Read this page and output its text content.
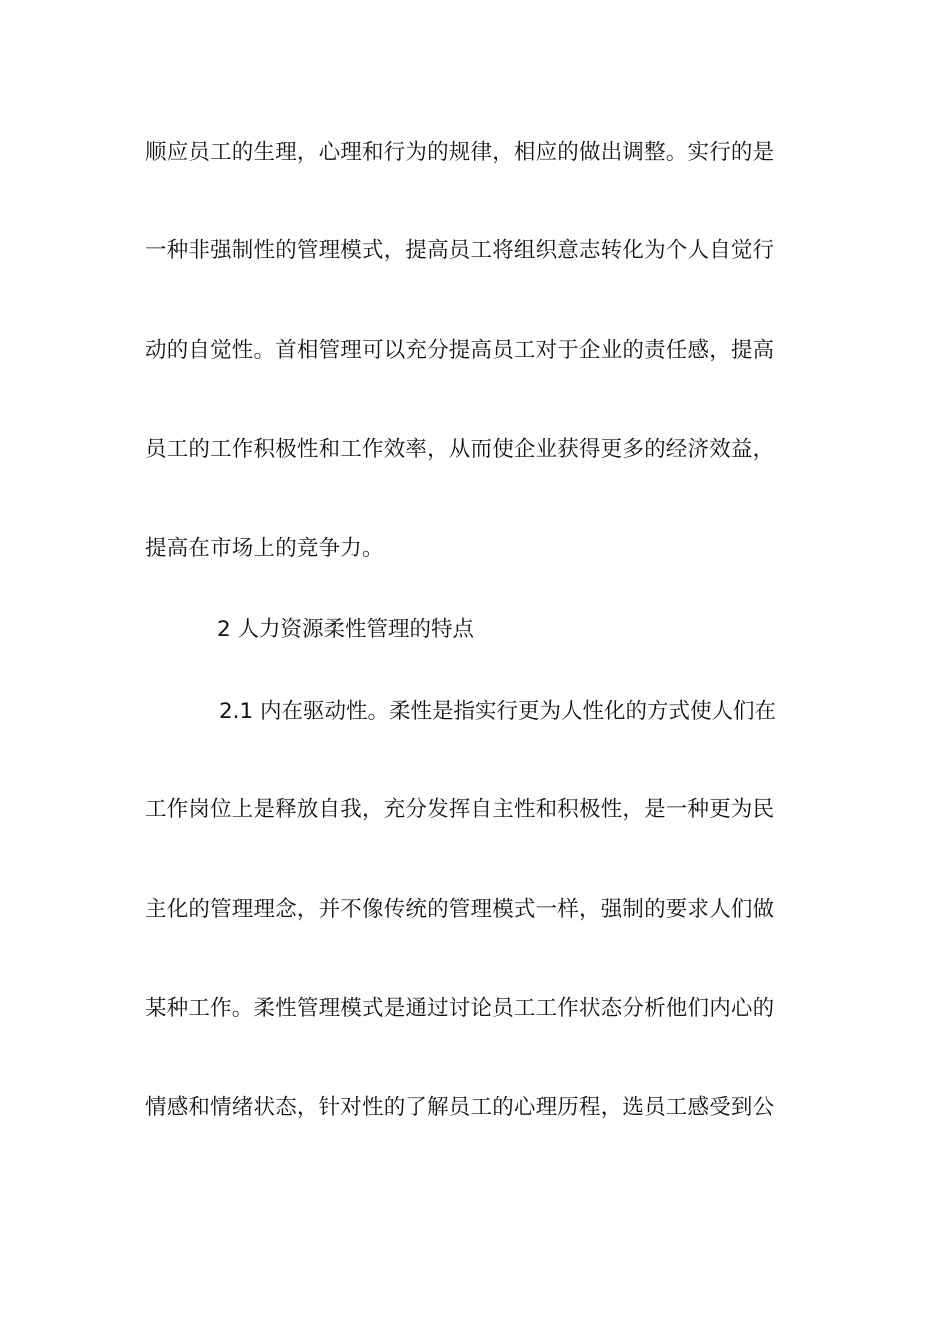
顺应员工的生理，心理和行为的规律，相应的做出调整。实行的是
一种非强制性的管理模式，提高员工将组织意志转化为个人自觉行
动的自觉性。首相管理可以充分提高员工对于企业的责任感，提高
员工的工作积极性和工作效率，从而使企业获得更多的经济效益，
提高在市场上的竞争力。
2 人力资源柔性管理的特点
2.1 内在驱动性。柔性是指实行更为人性化的方式使人们在
工作岗位上是释放自我，充分发挥自主性和积极性，是一种更为民
主化的管理理念，并不像传统的管理模式一样，强制的要求人们做
某种工作。柔性管理模式是通过讨论员工工作状态分析他们内心的
情感和情绪状态，针对性的了解员工的心理历程，选员工感受到公
